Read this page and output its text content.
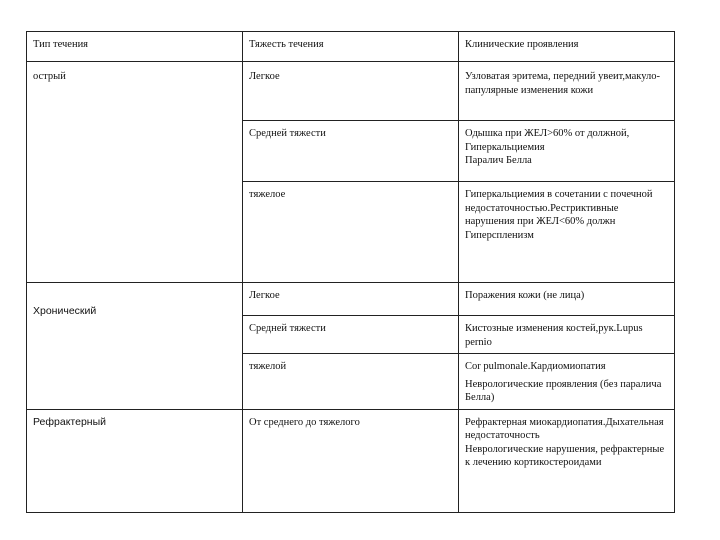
Тип течения	Тяжесть течения	Клинические проявления
острый	Легкое	Узловатая эритема, передний увеит,макуло-папулярные изменения кожи

	Средней тяжести	Одышка при ЖЕЛ>60% от должной,
Гиперкальциемия
Паралич Белла

	тяжелое	Гиперкальциемия в сочетании с почечной недостаточностью.Рестриктивные нарушения при ЖЕЛ<60% должн
Гиперспленизм

Хронический	Легкое	Поражения кожи (не лица)

	Средней тяжести	Кистозные изменения костей,рук.Lupus pernio

	тяжелой	Cor pulmonale.Кардиомиопатия
Неврологические проявления (без паралича Белла)

Рефрактерный	От среднего до тяжелого	Рефрактерная миокардиопатия.Дыхательная недостаточность
Неврологические нарушения, рефрактерные к лечению кортикостероидами
